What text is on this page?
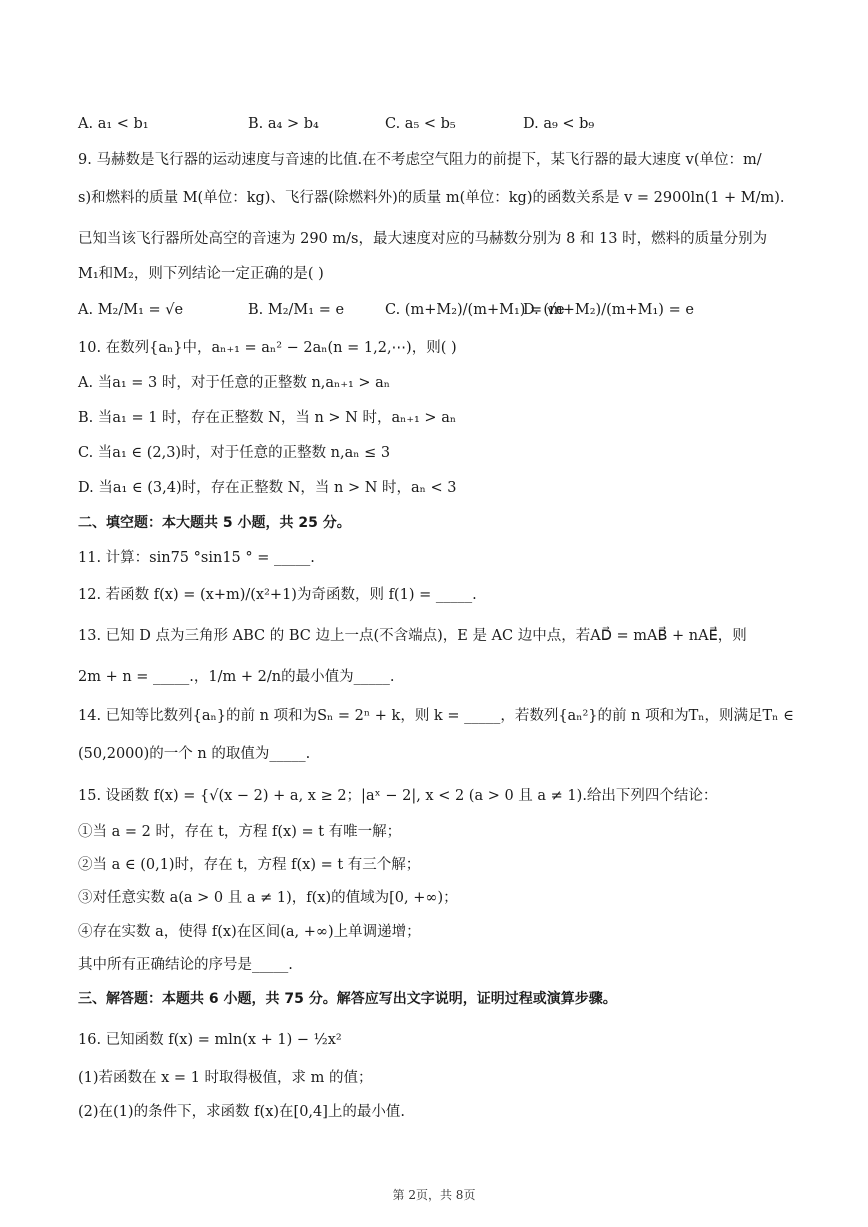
A. a₁ < b₁	B. a₄ > b₄	C. a₅ < b₅	D. a₉ < b₉
9. 马赫数是飞行器的运动速度与音速的比值.在不考虑空气阻力的前提下，某飞行器的最大速度 v(单位：m/
s)和燃料的质量 M(单位：kg)、飞行器(除燃料外)的质量 m(单位：kg)的函数关系是 v = 2900ln(1 + M/m).
已知当该飞行器所处高空的音速为 290 m/s，最大速度对应的马赫数分别为 8 和 13 时，燃料的质量分别为
M₁和M₂，则下列结论一定正确的是( )
A. M₂/M₁ = √e	B. M₂/M₁ = e	C. (m+M₂)/(m+M₁) = √e
D. (m+M₂)/(m+M₁) = e
10. 在数列{aₙ}中，aₙ₊₁ = aₙ² − 2aₙ(n = 1,2,⋯)，则( )
A. 当a₁ = 3 时，对于任意的正整数 n,aₙ₊₁ > aₙ
B. 当a₁ = 1 时，存在正整数 N，当 n > N 时，aₙ₊₁ > aₙ
C. 当a₁ ∈ (2,3)时，对于任意的正整数 n,aₙ ≤ 3
D. 当a₁ ∈ (3,4)时，存在正整数 N，当 n > N 时，aₙ < 3
二、填空题：本大题共 5 小题，共 25 分。
11. 计算：sin75 °sin15 ° = _____.
12. 若函数 f(x) = (x+m)/(x²+1)为奇函数，则 f(1) = _____.
13. 已知 D 点为三角形 ABC 的 BC 边上一点(不含端点)，E 是 AC 边中点，若AD⃗ = mAB⃗ + nAE⃗，则
2m + n = _____.，1/m + 2/n的最小值为_____.
14. 已知等比数列{aₙ}的前 n 项和为Sₙ = 2ⁿ + k，则 k = _____，若数列{aₙ²}的前 n 项和为Tₙ，则满足Tₙ ∈
(50,2000)的一个 n 的取值为_____.
15. 设函数 f(x) = {√(x − 2) + a, x ≥ 2；|aˣ − 2|, x < 2 (a > 0 且 a ≠ 1).给出下列四个结论：
①当 a = 2 时，存在 t，方程 f(x) = t 有唯一解；
②当 a ∈ (0,1)时，存在 t，方程 f(x) = t 有三个解；
③对任意实数 a(a > 0 且 a ≠ 1)，f(x)的值域为[0, +∞)；
④存在实数 a，使得 f(x)在区间(a, +∞)上单调递增；
其中所有正确结论的序号是_____.
三、解答题：本题共 6 小题，共 75 分。解答应写出文字说明，证明过程或演算步骤。
16. 已知函数 f(x) = mln(x + 1) − ½x²
(1)若函数在 x = 1 时取得极值，求 m 的值；
(2)在(1)的条件下，求函数 f(x)在[0,4]上的最小值.
第 2页，共 8页
